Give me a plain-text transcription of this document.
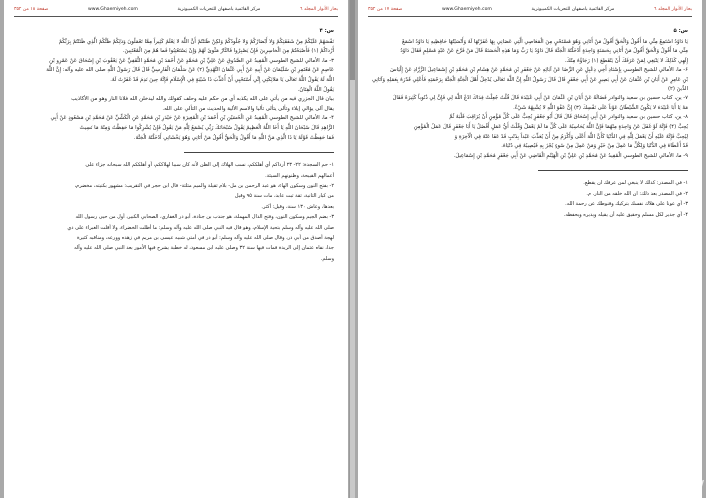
بحار الأنوار المجلد ٦
مركز القائمية باصفهان للتحريات الكمبيوترية
www.Ghaemiyeh.com
صفحة ۱۸ من ۳۵۲

س: ۴

نَفْسَهُمْ عَلَيْكُمْ مِنْ شَفَقَتِكُمْ وَلا أَبْصَارُكُمْ وَلا جُلُودُكُمْ وَلكِنْ ظَنَنْتُمْ أَنَّ اللَّهَ لا يَعْلَمُ كَثِيراً مِمَّا تَعْمَلُونَ وَذلِكُمْ ظَنُّكُمُ الَّذِي ظَنَنْتُمْ بِرَبِّكُمْ

أَرْداكُمْ (۱) فَأَصْبَحْتُمْ مِنَ الْخاسِرِينَ فَإِنْ يَصْبِرُوا فَالنَّارُ مَثْوىً لَهُمْ وَإِنْ يَسْتَعْتِبُوا فَما هُمْ مِنَ الْمُعْتَبِينَ.

۳- ما، الأمالي للشيخ الطوسي الْمُفِيدُ عَنِ الصَّدُوقِ عَنْ عَلِيِّ بْنِ مُحَمَّدٍ عَنْ أَحْمَدَ بْنِ مُحَمَّدٍ الثَّقَفِيِّ عَنْ يَعْقُوبَ بْنِ إِسْحَاقَ عَنْ عَمْرِو بْنِ

عَاصِمٍ عَنْ مُعْتَمِرِ بْنِ سُلَيْمَانَ عَنْ أَبِيهِ عَنْ أَبِي عُثْمَانَ النَّهْدِيِّ (۲) عَنْ سَلْمَانَ الْفَارِسِيِّ قَالَ قَالَ رَسُولُ اللَّهِ صلى الله عليه وآله: إِنَّ اللَّهَ

اللَّهَ لَهُ يَقُولُ اللَّهُ تَعَالَى يَا مَلائِكَتِي إِنِّي أَسْتَحْيِي أَنْ أُعَذِّبَ ذَا شَيْبَةٍ فِي الْإِسْلَامِ فَإِنَّهُ حِينَ نَدِمَ قَدْ غَفَرْتُ لَهُ.

يَقُولُ اللَّهُ الْفِتَانُ.

بيان قال الجزري فيه من يأتي على الله يكذبه أي من حكم عليه وحلف كقولك والله ليدخلن الله فلانا النار وهو من الأكاذيب

يقال آلى يؤالي إيلاء وتألى يتألى تأليا والاسم الألية والحديث من التألي على الله.

۴- ما، الأمالي للشيخ الطوسي الْمُفِيدُ عَنِ الْحُسَيْنِ بْنِ أَحْمَدَ بْنِ الْمُغِيرَةِ عَنْ حَيْدَرِ بْنِ مُحَمَّدٍ عَنِ الْكَشِّيِّ عَنْ مُحَمَّدِ بْنِ مَسْعُودٍ عَنْ أَبِي

الزَّاهِدِ قَالَ سُبْحَانَ اللَّهِ يَا أَخَا اللَّهُ الْعَظِيمُ يَقُولُ سُبْحَانَكَ رَبِّي يُسْمَعُ لِلَّهِ مَنْ يَقُولُ فَإِنْ يُشْرِكُوا مَا حَفِظْتُ وَمِنْهُ مَا نَسِيتُ

فَمَا حَفِظْتُ قَوْلَهُ يَا ذَا الَّذِي مَنَّ اللَّهِ مَا أَقُولُ وَالْحَقُّ أَقُولُ مَنْ أَتَانِي وَهُوَ يَخْشَانِي أَدْخَلْتُهُ الْجَنَّةَ.

۱- حم السجدة: ۲۲- ۲۳ أرداكم أي أهلككم، نسب الهلاك إلى الظن لأنه كان سببا لهلاككم، أو أهلككم الله سبحانه جزاء على

أعمالهم القبيحة، وظنونهم السيئة.

۲- بفتح النون وسكون الهاء، هو عبد الرحمن بن مل- بلام ثقيلة والميم مثلثة- قال ابن حجر في التقريب: مشهور بكنيته، مخضرم،

من كبار الثانية، ثقة ثبت عابد، مات سنة ۹۵ وقيل

بعدها، وعاش ۱۳۰ سنة، وقيل: أكثر.

۳- بضم الجيم وسكون النون، وفتح الدال المهملة، هو جندب بن جنادة، أبو ذر الغفاري، الصحابي الكبير، أول من حيى رسول الله

صلى الله عليه وآله وسلم بتحية الإسلام، وهو قال فيه النبي صلى الله عليه وآله وسلم: ما أظلت الخضراء، ولا أقلت الغبراء على ذي

لهجة أصدق من أبي ذر، وقال صلى الله عليه وآله وسلم: أبو ذر في أمتي شبيه عيسى بن مريم في زهده وورعه، ومناقبه كثيرة

جدا، نفاه عثمان إلى الربذة فمات فيها سنة ۳۲ وصلى عليه ابن مسعود، له خطبة يشرح فيها الأمور بعد النبي صلى الله عليه وآله

وسلم.

بحار الأنوار المجلد ٦
مركز القائمية باصفهان للتحريات الكمبيوترية
www.Ghaemiyeh.com
صفحة ۱۷ من ۳۵۲

س: ۵

يَا دَاوُدُ اسْتَمِعْ مِنِّي مَا أَقُولُ وَالْحَقَّ أَقُولُ مَنْ أَتَانِي وَهُوَ مُسْتَحْيٍ مِنَ الْمَعَاصِي الَّتِي عَصَانِي بِهَا غَفَرْتُهَا لَهُ وَأَنْسَيْتُهَا حَافِظِيهِ يَا دَاوُدُ اسْمَعْ

مِنِّي مَا أَقُولُ وَالْحَقَّ أَقُولُ مَنْ أَتَانِي بِحَسَنَةٍ وَاحِدَةٍ أَدْخَلْتُهُ الْجَنَّةَ قَالَ دَاوُدُ يَا رَبِّ وَمَا هَذِهِ الْحَسَنَةُ قَالَ مَنْ فَرَّجَ عَنْ عَبْدٍ مُسْلِمٍ فَقَالَ دَاوُدُ

إِلَهِي كَذَلِكَ لا يَنْبَغِي لِمَنْ عَرَفَكَ أَنْ يَنْقَطِعَ (۱) رَجَاؤُهُ مِنْكَ.

۶- ما، الأمالي للشيخ الطوسي بِإِسْنَادِ أَخِي دِعْبِلٍ عَنِ الرِّضَا عَنْ آبَائِهِ عَنْ جَعْفَرِ بْنِ مُحَمَّدٍ عَنْ هِشَامِ بْنِ مُحَمَّدِ بْنِ إِسْمَاعِيلَ الزَّرَّادِ عَنْ إِلْيَاسَ

بْنِ عَامِرٍ عَنْ أَبَانِ بْنِ عُثْمَانَ عَنْ أَبِي بَصِيرٍ عَنْ أَبِي جَعْفَرٍ قَالَ قَالَ رَسُولُ اللَّهِ إِنَّ اللَّهَ تَعَالَى يُدْخِلُ أَهْلَ الْجَنَّةِ الْجَنَّةَ بِرَحْمَتِهِ فَأَعْلِي قَدْرَهُ بِعَمَلِهِ وَآتَانِي الدِّينَ (۲)

۷- ين، كتاب حسين بن سعيد والنوادر فَضَالَةُ عَنْ أَبَانِ بْنِ عُثْمَانَ عَنْ أَبِي عُبَيْدَةَ قَالَ قُلْتُ جُعِلْتُ فِدَاكَ ادْعُ اللَّهَ لِي فَإِنَّ لِي ذُنُوباً كَثِيرَةً فَقَالَ

مَهْ يَا أَبَا عُبَيْدَةَ لا يَكُونُ الشَّيْطَانُ عَوْناً عَلَى نَفْسِكَ (۳) إِنَّ عَفْوَ اللَّهِ لا يُشْبِهُهُ شَيْءٌ.

۸- ين، كتاب حسين بن سعيد والنوادر عَنْ أَبِي إِسْحَاقَ قَالَ قَالَ أَبُو جَعْفَرٍ يُحِبُّ عَلَى كُلِّ مُؤْمِنٍ أَنْ يُرَاقِبَ قَلْبَهُ ثُمَّ

يُحِبَّ (۴) فَإِنَّهُ لَوْ غَفَلَ عَنْ وَاحِدَةٍ مِنْهُمَا فَإِنَّ اللَّهَ يُحَاسِبُهُ عَلَى كُلِّ مَا لَمْ يَعْمَلْ وَقُلْتُ أَيُّ عَمَلٍ أَفْضَلُ يَا أَبَا جَعْفَرٍ قَالَ عَمَلُ الْمُؤْمِنِ

لِيُحِبَّ فَإِنَّهُ عَلَيْهِ أَنْ يَعْمَلَ لِلَّهِ فِي الدُّنْيَا كَأَنَّ اللَّهَ أَعْلَى وَأَكْرَمُ مِنْ أَنْ يُعَذِّبَ عَبْداً بِذَنْبٍ قَدْ عَفَا عَنْهُ فِي الْآخِرَةِ وَ

قَدْ أَعْطَاهُ فِي الدُّنْيَا وَلِكُلِّ مَا عَمِلَ مِنْ خَيْرٍ وَمَنْ عَمِلَ مِنْ سُوءٍ يُجْزَ بِهِ فَيُصِيبُهُ فِي دُنْيَاهُ.

۹- ما، الأمالي للشيخ الطوسي الْمُفِيدُ عَنْ مُحَمَّدِ بْنِ عَلِيِّ بْنِ الْهَيْثَمِ الْقَاضِي عَنْ أَبِي جَعْفَرٍ مُحَمَّدِ بْنِ إِسْمَاعِيلَ.

۱- في المصدر: كذلك لا ينبغي لمن عرفك ان يقطع.

۲- في المصدر بعد ذلك: ان الله خلقه من النار. م.

۳- أي عونا على هلاك نفسك بتركيك وقنوطك عن رحمة الله.

۴- أي جدير لكل مسلم وحقيق عليه أن يقيله ويديره ويحفظه.

Activate W
